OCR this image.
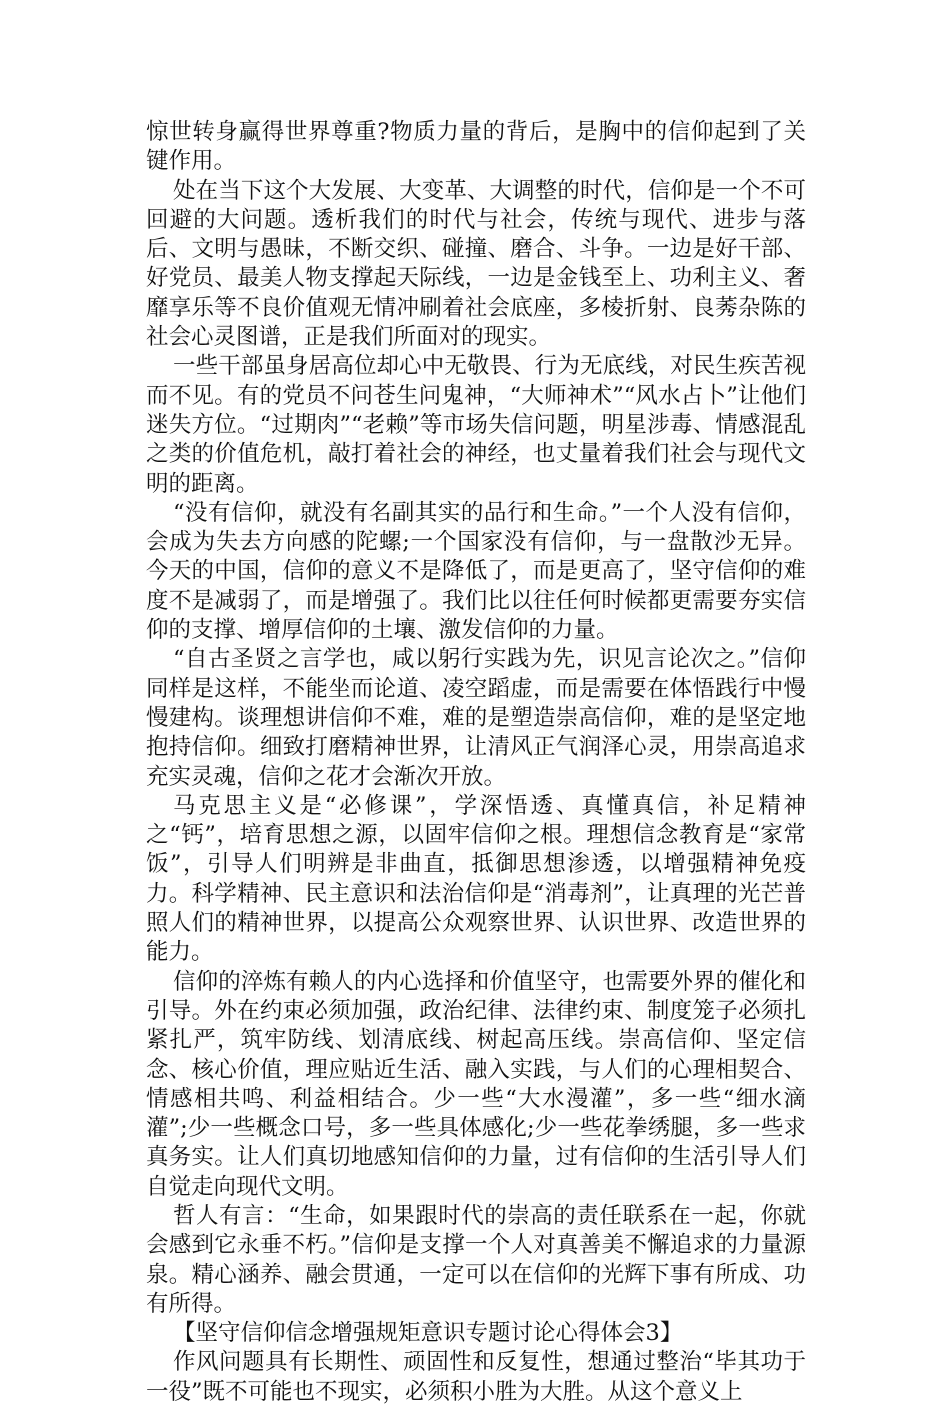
惊世转身赢得世界尊重?物质力量的背后，是胸中的信仰起到了关键作用。

处在当下这个大发展、大变革、大调整的时代，信仰是一个不可回避的大问题。透析我们的时代与社会，传统与现代、进步与落后、文明与愚昧，不断交织、碰撞、磨合、斗争。一边是好干部、好党员、最美人物支撑起天际线，一边是金钱至上、功利主义、奢靡享乐等不良价值观无情冲刷着社会底座，多棱折射、良莠杂陈的社会心灵图谱，正是我们所面对的现实。

一些干部虽身居高位却心中无敬畏、行为无底线，对民生疾苦视而不见。有的党员不问苍生问鬼神，“大师神术”“风水占卜”让他们迷失方位。“过期肉”“老赖”等市场失信问题，明星涉毒、情感混乱之类的价值危机，敲打着社会的神经，也丈量着我们社会与现代文明的距离。

“没有信仰，就没有名副其实的品行和生命。”一个人没有信仰，会成为失去方向感的陀螺;一个国家没有信仰，与一盘散沙无异。今天的中国，信仰的意义不是降低了，而是更高了，坚守信仰的难度不是减弱了，而是增强了。我们比以往任何时候都更需要夯实信仰的支撑、增厚信仰的土壤、激发信仰的力量。

“自古圣贤之言学也，咸以躬行实践为先，识见言论次之。”信仰同样是这样，不能坐而论道、凌空蹈虚，而是需要在体悟践行中慢慢建构。谈理想讲信仰不难，难的是塑造崇高信仰，难的是坚定地抱持信仰。细致打磨精神世界，让清风正气润泽心灵，用崇高追求充实灵魂，信仰之花才会渐次开放。

马克思主义是“必修课”，学深悟透、真懂真信，补足精神之“钙”，培育思想之源，以固牢信仰之根。理想信念教育是“家常饭”，引导人们明辨是非曲直，抵御思想渗透，以增强精神免疫力。科学精神、民主意识和法治信仰是“消毒剂”，让真理的光芒普照人们的精神世界，以提高公众观察世界、认识世界、改造世界的能力。

信仰的淬炼有赖人的内心选择和价值坚守，也需要外界的催化和引导。外在约束必须加强，政治纪律、法律约束、制度笼子必须扎紧扎严，筑牢防线、划清底线、树起高压线。崇高信仰、坚定信念、核心价值，理应贴近生活、融入实践，与人们的心理相契合、情感相共鸣、利益相结合。少一些“大水漫灌”，多一些“细水滴灌”;少一些概念口号，多一些具体感化;少一些花拳绣腿，多一些求真务实。让人们真切地感知信仰的力量，过有信仰的生活引导人们自觉走向现代文明。

哲人有言：“生命，如果跟时代的崇高的责任联系在一起，你就会感到它永垂不朽。”信仰是支撑一个人对真善美不懈追求的力量源泉。精心涵养、融会贯通，一定可以在信仰的光辉下事有所成、功有所得。

【坚守信仰信念增强规矩意识专题讨论心得体会3】

作风问题具有长期性、顽固性和反复性，想通过整治“毕其功于一役”既不可能也不现实，必须积小胜为大胜。从这个意义上
